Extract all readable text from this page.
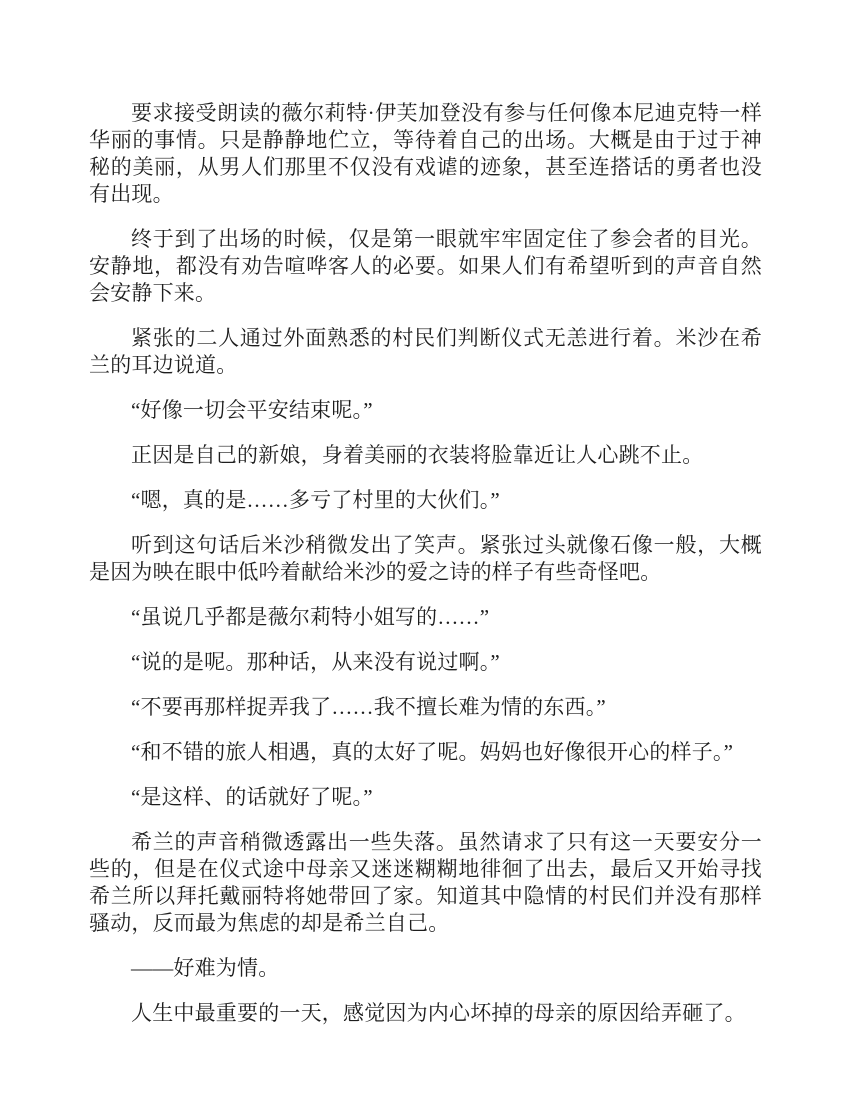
要求接受朗读的薇尔莉特·伊芙加登没有参与任何像本尼迪克特一样华丽的事情。只是静静地伫立，等待着自己的出场。大概是由于过于神秘的美丽，从男人们那里不仅没有戏谑的迹象，甚至连搭话的勇者也没有出现。

终于到了出场的时候，仅是第一眼就牢牢固定住了参会者的目光。安静地，都没有劝告喧哗客人的必要。如果人们有希望听到的声音自然会安静下来。

紧张的二人通过外面熟悉的村民们判断仪式无恙进行着。米沙在希兰的耳边说道。

“好像一切会平安结束呢。”

正因是自己的新娘，身着美丽的衣装将脸靠近让人心跳不止。

“嗯，真的是……多亏了村里的大伙们。”

听到这句话后米沙稍微发出了笑声。紧张过头就像石像一般，大概是因为映在眼中低吟着献给米沙的爱之诗的样子有些奇怪吧。

“虽说几乎都是薇尔莉特小姐写的……”

“说的是呢。那种话，从来没有说过啊。”

“不要再那样捉弄我了……我不擅长难为情的东西。”

“和不错的旅人相遇，真的太好了呢。妈妈也好像很开心的样子。”

“是这样、的话就好了呢。”

希兰的声音稍微透露出一些失落。虽然请求了只有这一天要安分一些的，但是在仪式途中母亲又迷迷糊糊地徘徊了出去，最后又开始寻找希兰所以拜托戴丽特将她带回了家。知道其中隐情的村民们并没有那样骚动，反而最为焦虑的却是希兰自己。

——好难为情。

人生中最重要的一天，感觉因为内心坏掉的母亲的原因给弄砸了。
